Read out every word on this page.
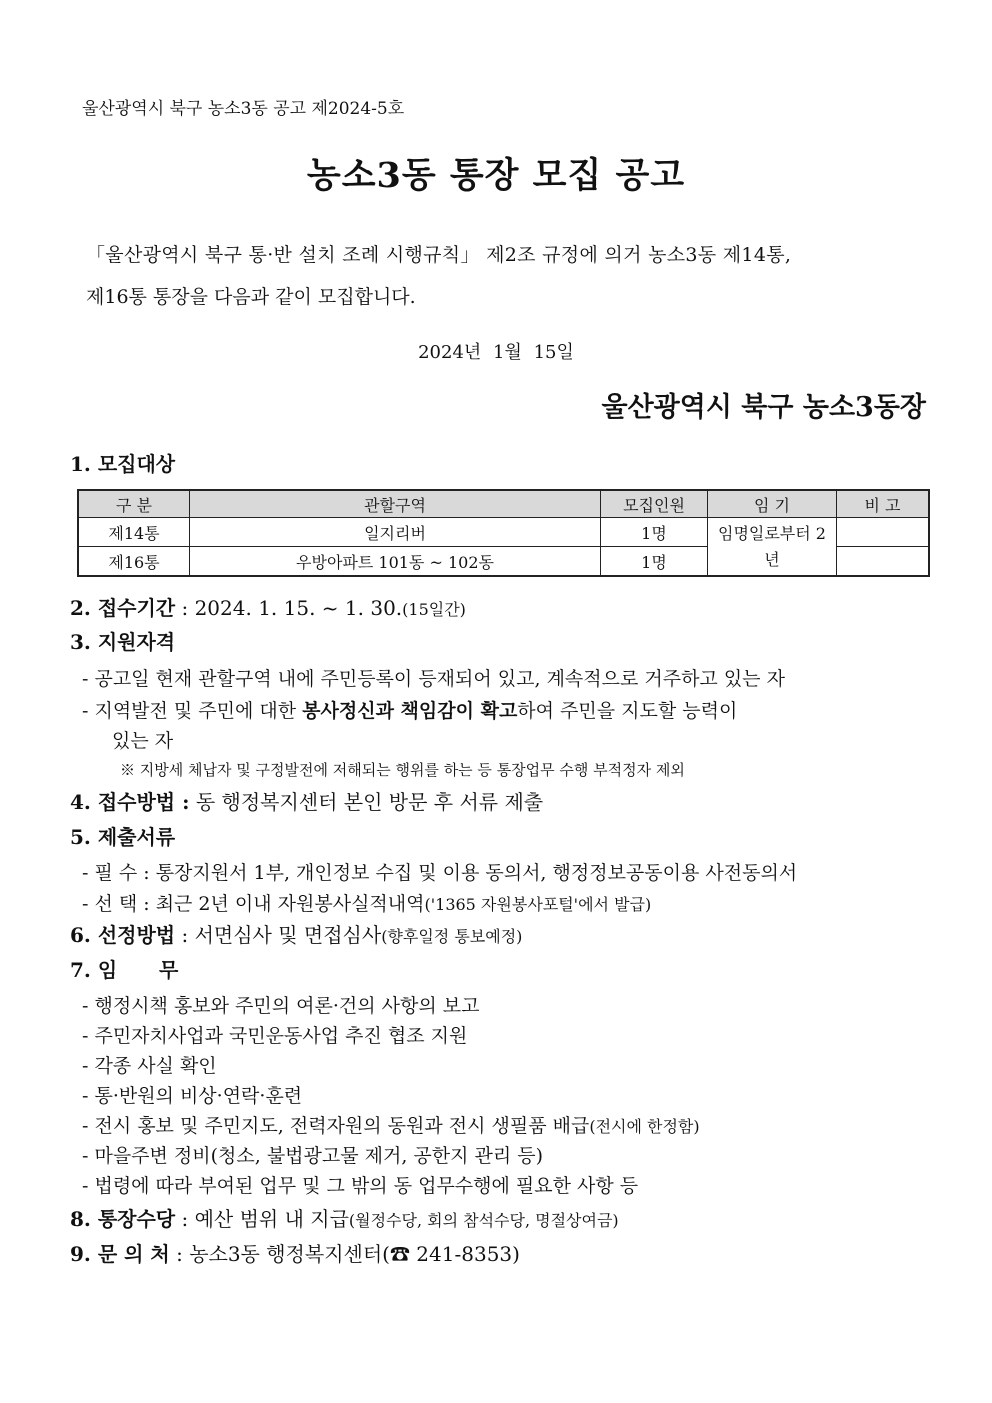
울산광역시 북구 농소3동 공고 제2024-5호
농소3동 통장 모집 공고
「울산광역시 북구 통·반 설치 조례 시행규칙」 제2조 규정에 의거 농소3동 제14통,
제16통 통장을 다음과 같이 모집합니다.
2024년 1월 15일
울산광역시 북구 농소3동장
1. 모집대상
구 분	관할구역	모집인원	임 기	비 고
제14통	일지리버	1명	임명일로부터 2년	
제16통	우방아파트 101동 ~ 102동	1명		
2. 접수기간 : 2024. 1. 15. ~ 1. 30.(15일간)
3. 지원자격
- 공고일 현재 관할구역 내에 주민등록이 등재되어 있고, 계속적으로 거주하고 있는 자
- 지역발전 및 주민에 대한 봉사정신과 책임감이 확고하여 주민을 지도할 능력이
있는 자
※ 지방세 체납자 및 구정발전에 저해되는 행위를 하는 등 통장업무 수행 부적정자 제외
4. 접수방법 : 동 행정복지센터 본인 방문 후 서류 제출
5. 제출서류
- 필 수 : 통장지원서 1부, 개인정보 수집 및 이용 동의서, 행정정보공동이용 사전동의서
- 선 택 : 최근 2년 이내 자원봉사실적내역('1365 자원봉사포털'에서 발급)
6. 선정방법 : 서면심사 및 면접심사(향후일정 통보예정)
7. 임      무
- 행정시책 홍보와 주민의 여론·건의 사항의 보고
- 주민자치사업과 국민운동사업 추진 협조 지원
- 각종 사실 확인
- 통·반원의 비상·연락·훈련
- 전시 홍보 및 주민지도, 전력자원의 동원과 전시 생필품 배급(전시에 한정함)
- 마을주변 정비(청소, 불법광고물 제거, 공한지 관리 등)
- 법령에 따라 부여된 업무 및 그 밖의 동 업무수행에 필요한 사항 등
8. 통장수당 : 예산 범위 내 지급(월정수당, 회의 참석수당, 명절상여금)
9. 문 의 처 : 농소3동 행정복지센터(☎ 241-8353)
